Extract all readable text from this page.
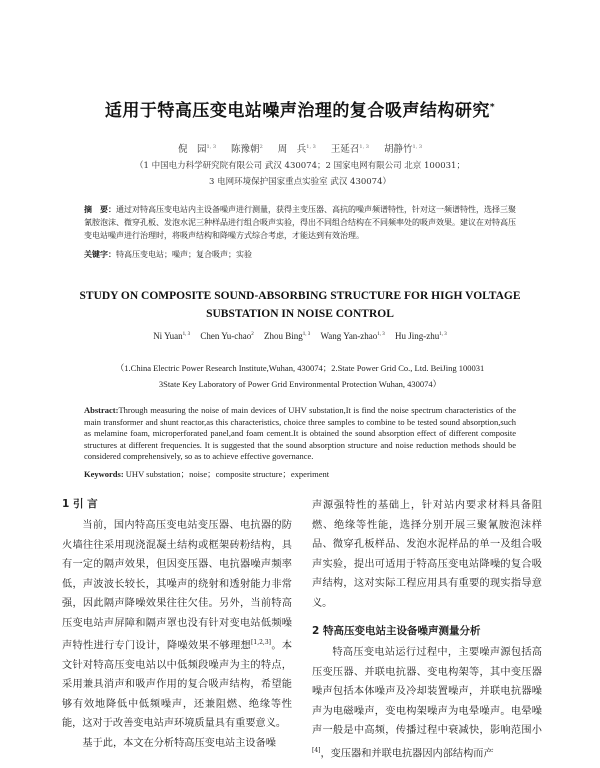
适用于特高压变电站噪声治理的复合吸声结构研究*
倪　园$^{1, 3}$ 陈豫朝$^2$ 周　兵$^{1, 3}$ 王延召$^{1, 3}$ 胡静竹$^{1, 3}$
（1 中国电力科学研究院有限公司 武汉 430074；2 国家电网有限公司 北京 100031；
3 电网环境保护国家重点实验室 武汉 430074）
摘　要：通过对特高压变电站内主设备噪声进行测量，获得主变压器、高抗的噪声频谱特性，针对这一频谱特性，选择三聚氰胺泡沫、微穿孔板、发泡水泥三种样品进行组合吸声实验，得出不同组合结构在不同频率处的吸声效果。建议在对特高压变电站噪声进行治理时，将吸声结构和降噪方式综合考虑，才能达到有效治理。
关键字：特高压变电站；噪声；复合吸声；实验
STUDY ON COMPOSITE SOUND-ABSORBING STRUCTURE FOR HIGH VOLTAGE SUBSTATION IN NOISE CONTROL
Ni Yuan$^{1, 3}$ Chen Yu-chao$^2$ Zhou Bing$^{1, 3}$ Wang Yan-zhao$^{1, 3}$ Hu Jing-zhu$^{1, 3}$
（1.China Electric Power Research Institute,Wuhan, 430074；2.State Power Grid Co., Ltd. BeiJing 100031
3State Key Laboratory of Power Grid Environmental Protection Wuhan, 430074）
Abstract:Through measuring the noise of main devices of UHV substation,It is find the noise spectrum characteristics of the main transformer and shunt reactor,as this characteristics, choice three samples to combine to be tested sound absorption,such as melamine foam, microperforated panel,and foam cement.It is obtained the sound absorption effect of different composite structures at different frequencies. It is suggested that the sound absorption structure and noise reduction methods should be considered comprehensively, so as to achieve effective governance.
Keywords: UHV substation；noise；composite structure；experiment
1 引 言

当前，国内特高压变电站变压器、电抗器的防火墙往往采用现浇混凝土结构或框架砖粉结构，具有一定的隔声效果，但因变压器、电抗器噪声频率低，声波波长较长，其噪声的绕射和透射能力非常强，因此隔声降噪效果往往欠佳。另外，当前特高压变电站声屏障和隔声罩也没有针对变电站低频噪声特性进行专门设计，降噪效果不够理想[1,2,3]。本文针对特高压变电站以中低频段噪声为主的特点，采用兼具消声和吸声作用的复合吸声结构，希望能够有效地降低中低频噪声，还兼阻燃、绝缘等性能，这对于改善变电站声环境质量具有重要意义。

基于此，本文在分析特高压变电站主设备噪

声源强特性的基础上，针对站内要求材料具备阻燃、绝缘等性能，选择分别开展三聚氰胺泡沫样品、微穿孔板样品、发泡水泥样品的单一及组合吸声实验，提出可适用于特高压变电站降噪的复合吸声结构，这对实际工程应用具有重要的现实指导意义。

2 特高压变电站主设备噪声测量分析

特高压变电站运行过程中，主要噪声源包括高压变压器、并联电抗器、变电构架等，其中变压器噪声包括本体噪声及冷却装置噪声，并联电抗器噪声为电磁噪声，变电构架噪声为电晕噪声。电晕噪声一般是中高频，传播过程中衰减快，影响范围小[4]，变压器和并联电抗器因内部结构而产
